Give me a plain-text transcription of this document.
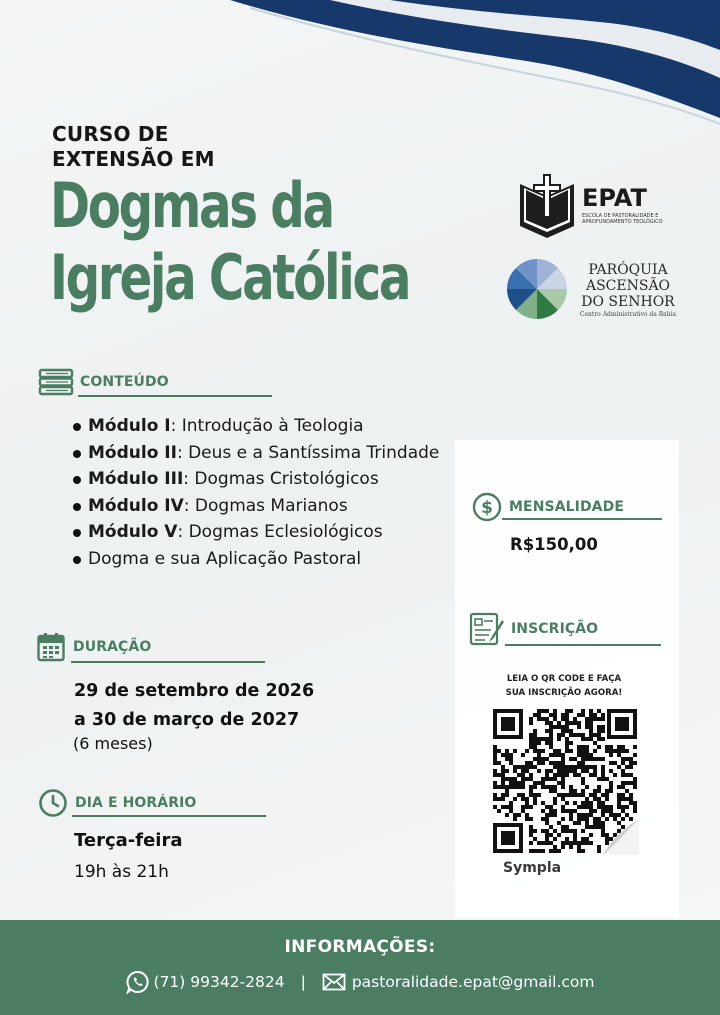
CURSO DE
EXTENSÃO EM
Dogmas da
Igreja Católica
EPAT
ESCOLA DE PASTORALIDADE E APROFUNDAMENTO TEOLÓGICO
PARÓQUIA
ASCENSÃO
DO SENHOR
Centro Administrativo da Bahia
CONTEÚDO
Módulo I: Introdução à Teologia
Módulo II: Deus e a Santíssima Trindade
Módulo III: Dogmas Cristológicos
Módulo IV: Dogmas Marianos
Módulo V: Dogmas Eclesiológicos
Dogma e sua Aplicação Pastoral
DURAÇÃO
29 de setembro de 2026
a 30 de março de 2027
(6 meses)
DIA E HORÁRIO
Terça-feira
19h às 21h
$ MENSALIDADE
R$150,00
INSCRIÇÃO
LEIA O QR CODE E FAÇA
SUA INSCRIÇÃO AGORA!
Sympla
INFORMAÇÕES:
(71) 99342-2824 |	pastoralidade.epat@gmail.com
